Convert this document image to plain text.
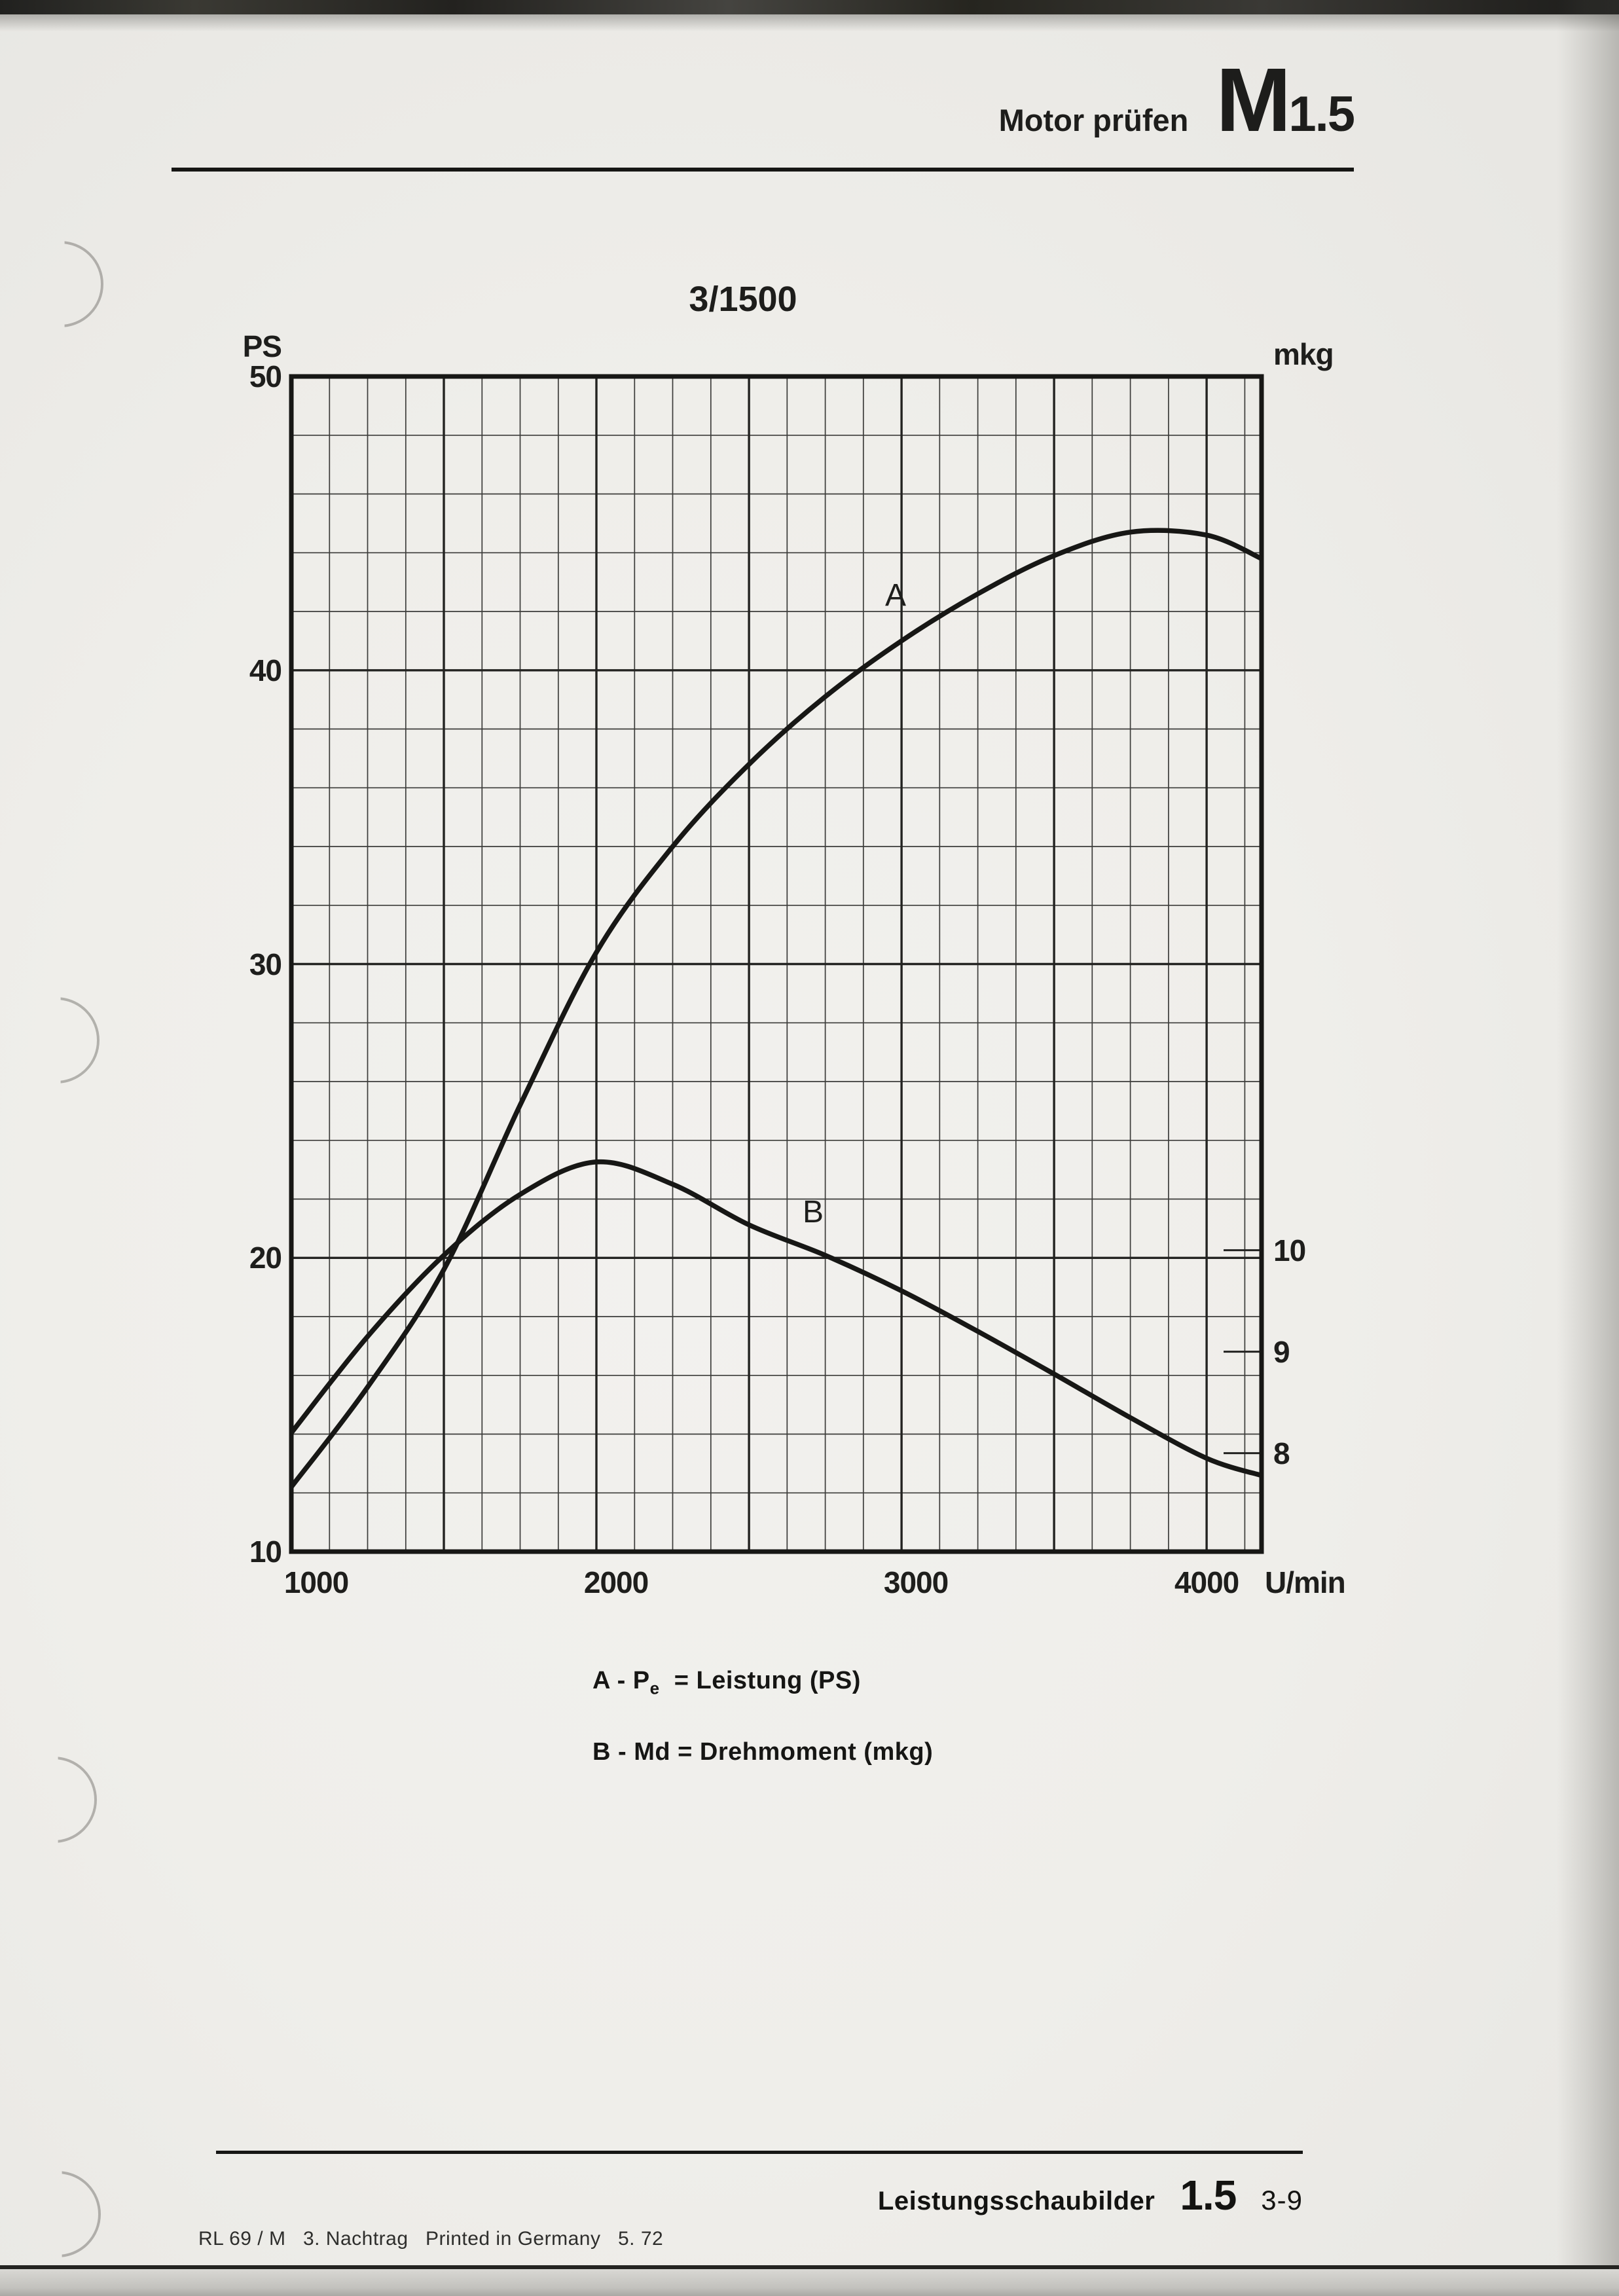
Motor prüfen M 1.5
3/1500
50
40
30
20
10
10
9
8
1000	2000	3000	4000
PS	mkg
U/min
A
B
A - $P_e$  = Leistung (PS)
B - Md = Drehmoment (mkg)
Leistungsschaubilder 1.5 3-9
RL 69 / M   3. Nachtrag   Printed in Germany   5. 72
